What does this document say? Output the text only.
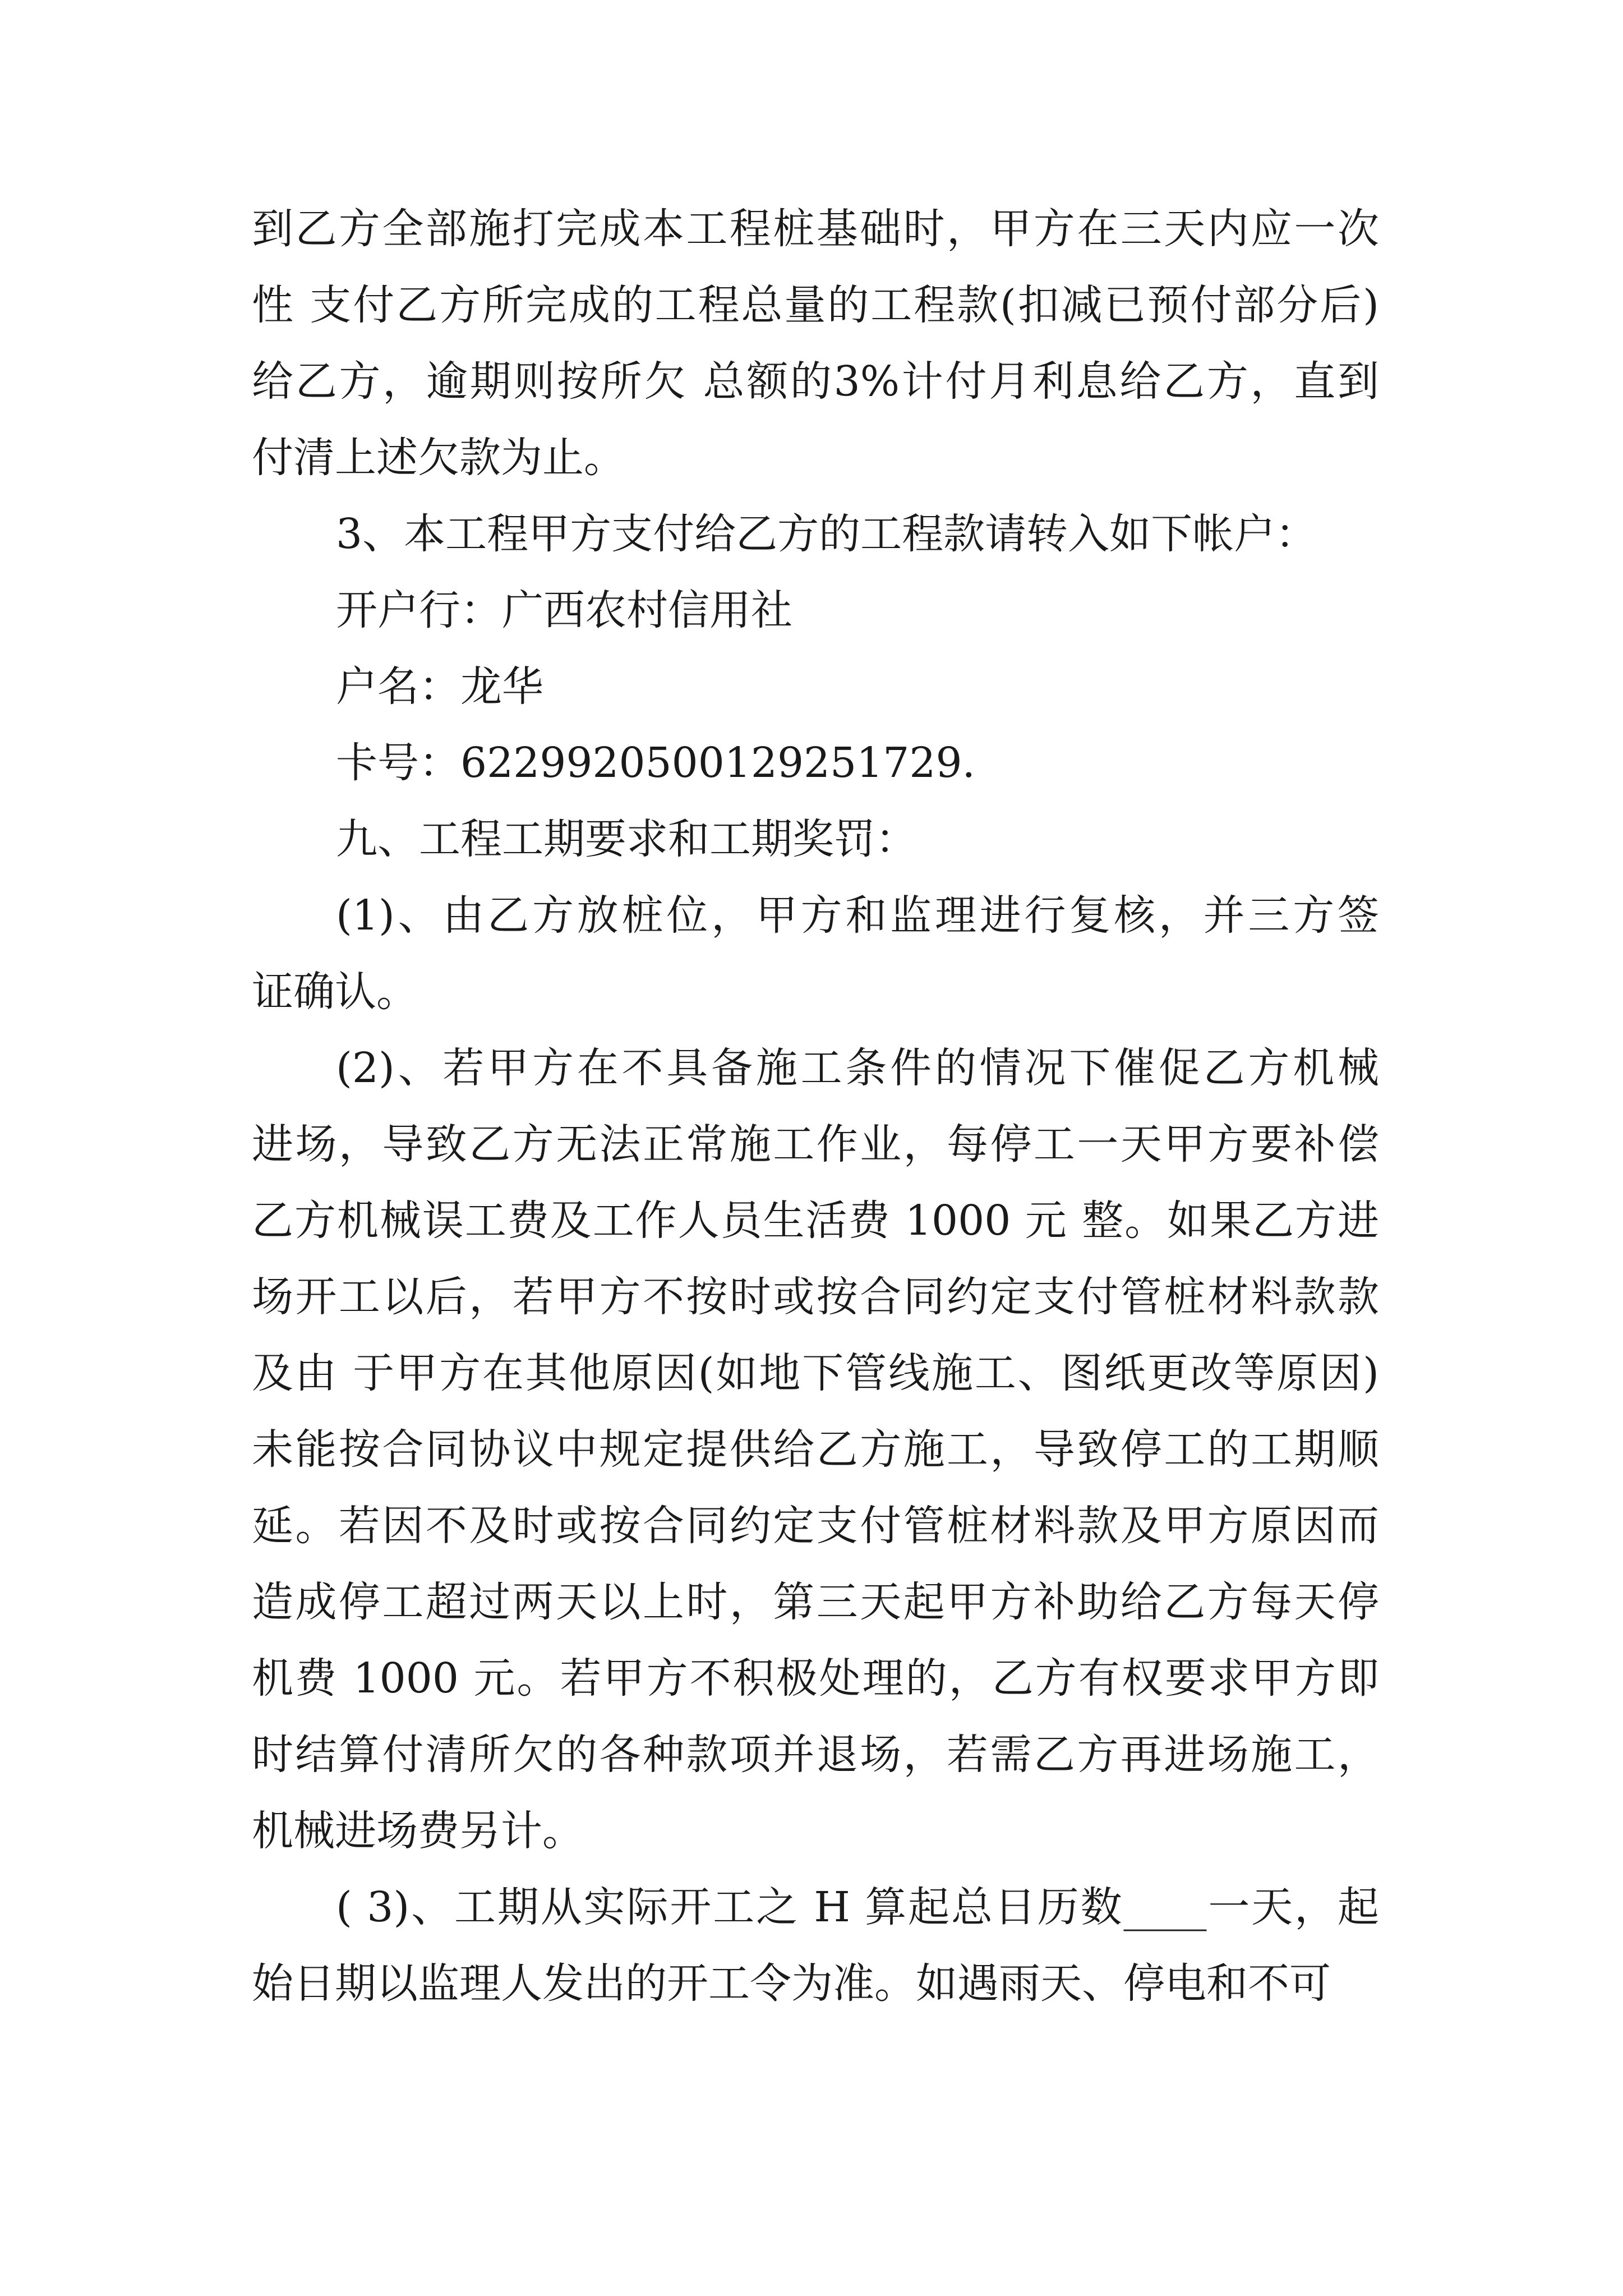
到乙方全部施打完成本工程桩基础时，甲方在三天内应一次
性 支付乙方所完成的工程总量的工程款(扣减已预付部分后)
给乙方，逾期则按所欠 总额的3%计付月利息给乙方，直到
付清上述欠款为止。
3、本工程甲方支付给乙方的工程款请转入如下帐户：
开户行：广西农村信用社
户名：龙华
卡号：6229920500129251729.
九、工程工期要求和工期奖罚：
(1)、由乙方放桩位，甲方和监理进行复核，并三方签
证确认。
(2)、若甲方在不具备施工条件的情况下催促乙方机械
进场，导致乙方无法正常施工作业，每停工一天甲方要补偿
乙方机械误工费及工作人员生活费 1000 元 整。如果乙方进
场开工以后，若甲方不按时或按合同约定支付管桩材料款款
及由 于甲方在其他原因(如地下管线施工、图纸更改等原因)
未能按合同协议中规定提供给乙方施工，导致停工的工期顺
延。若因不及时或按合同约定支付管桩材料款及甲方原因而
造成停工超过两天以上时，第三天起甲方补助给乙方每天停
机费 1000 元。若甲方不积极处理的，乙方有权要求甲方即
时结算付清所欠的各种款项并退场，若需乙方再进场施工，
机械进场费另计。
( 3)、工期从实际开工之 H 算起总日历数____一天，起
始日期以监理人发出的开工令为准。如遇雨天、停电和不可
